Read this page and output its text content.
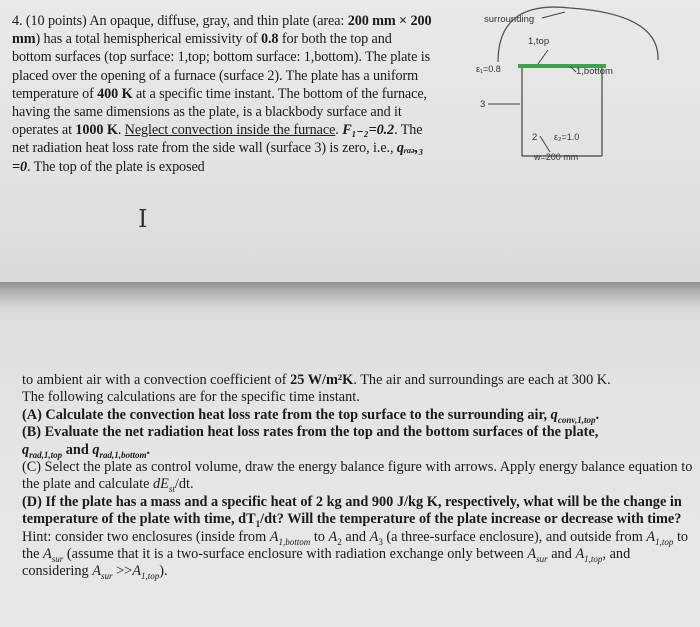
4. (10 points) An opaque, diffuse, gray, and thin plate (area: 200 mm × 200 mm) has a total hemispherical emissivity of 0.8 for both the top and bottom surfaces (top surface: 1,top; bottom surface: 1,bottom). The plate is placed over the opening of a furnace (surface 2). The plate has a uniform temperature of 400 K at a specific time instant. The bottom of the furnace, having the same dimensions as the plate, is a blackbody surface and it operates at 1000 K. Neglect convection inside the furnace. F₁₋₂=0.2. The net radiation heat loss rate from the side wall (surface 3) is zero, i.e., qᵣₐₔ,₃ =0. The top of the plate is exposed

I
surrounding
1,top
ε₁=0.8	1,bottom
3
2 ε₂=1.0
w=200 mm

to ambient air with a convection coefficient of 25 W/m²K. The air and surroundings are each at 300 K.

The following calculations are for the specific time instant.

(A) Calculate the convection heat loss rate from the top surface to the surrounding air, $q_{conv,1,top}$.

(B) Evaluate the net radiation heat loss rates from the top and the bottom surfaces of the plate,
$q_{rad,1,top}$ and $q_{rad,1,bottom}$.

(C) Select the plate as control volume, draw the energy balance figure with arrows. Apply energy balance equation to the plate and calculate $dE_{st}/dt$.

(D) If the plate has a mass and a specific heat of 2 kg and 900 J/kg K, respectively, what will be the change in temperature of the plate with time, $dT_1/dt$? Will the temperature of the plate increase or decrease with time?

Hint: consider two enclosures (inside from $A_{1,bottom}$ to $A_2$ and $A_3$ (a three-surface enclosure), and outside from $A_{1,top}$ to the $A_{sur}$ (assume that it is a two-surface enclosure with radiation exchange only between $A_{sur}$ and $A_{1,top}$, and considering $A_{sur} >>A_{1,top}$).
